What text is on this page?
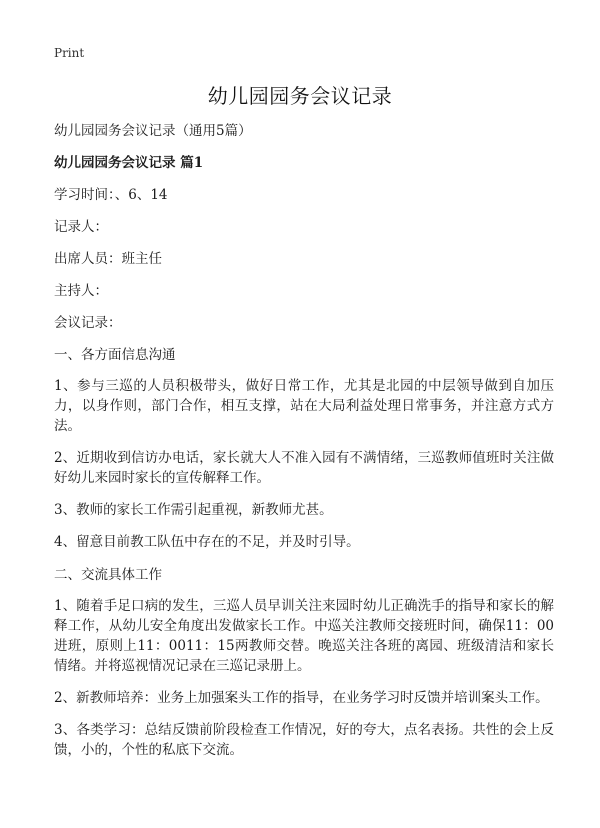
Print
幼儿园园务会议记录

幼儿园园务会议记录（通用5篇）

幼儿园园务会议记录 篇1

学习时间：、6、14

记录人：

出席人员：班主任

主持人：

会议记录：

一、各方面信息沟通

1、参与三巡的人员积极带头，做好日常工作，尤其是北园的中层领导做到自加压力，以身作则，部门合作，相互支撑，站在大局利益处理日常事务，并注意方式方法。

2、近期收到信访办电话，家长就大人不准入园有不满情绪，三巡教师值班时关注做好幼儿来园时家长的宣传解释工作。

3、教师的家长工作需引起重视，新教师尤甚。

4、留意目前教工队伍中存在的不足，并及时引导。

二、交流具体工作

1、随着手足口病的发生，三巡人员早训关注来园时幼儿正确洗手的指导和家长的解释工作，从幼儿安全角度出发做家长工作。中巡关注教师交接班时间，确保11：00进班，原则上11：0011：15两教师交替。晚巡关注各班的离园、班级清洁和家长情绪。并将巡视情况记录在三巡记录册上。

2、新教师培养：业务上加强案头工作的指导，在业务学习时反馈并培训案头工作。

3、各类学习：总结反馈前阶段检查工作情况，好的夸大，点名表扬。共性的会上反馈，小的，个性的私底下交流。
